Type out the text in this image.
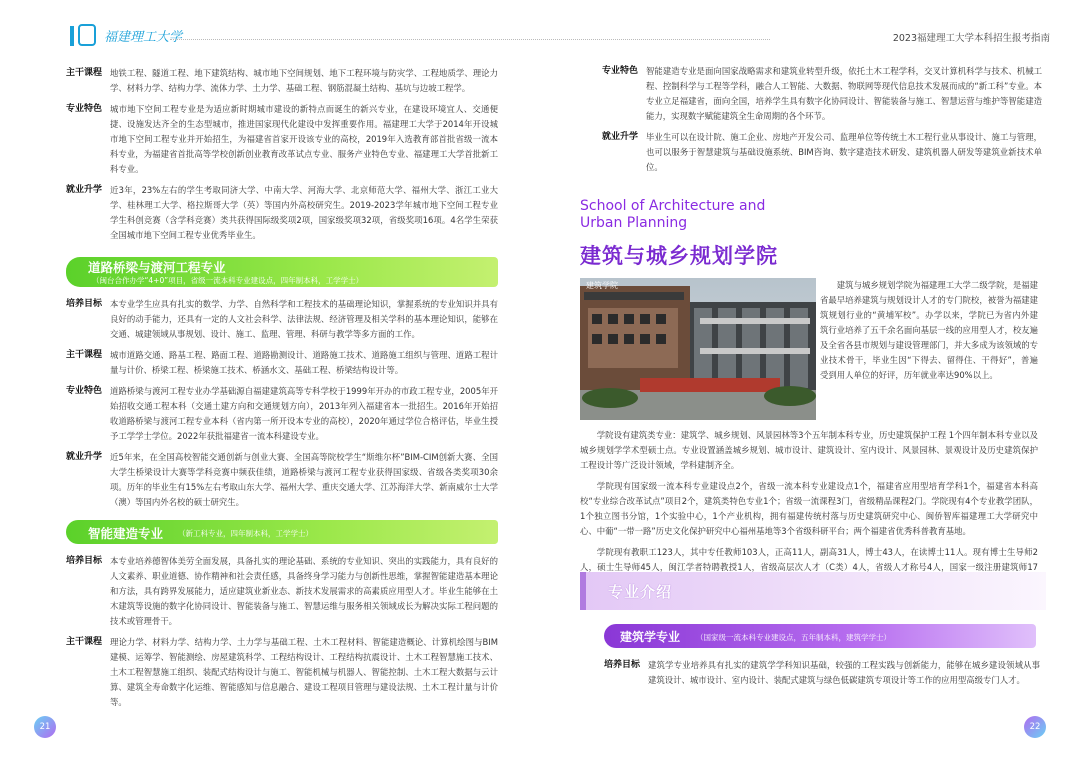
福建理工大学	2023福建理工大学本科招生报考指南
主干课程 地铁工程、隧道工程、地下建筑结构、城市地下空间规划、地下工程环境与防灾学、工程地质学、理论力学、材料力学、结构力学、流体力学、土力学、基础工程、钢筋混凝土结构、基坑与边坡工程学。
专业特色 城市地下空间工程专业是为适应新时期城市建设的新特点而诞生的新兴专业，在建设环境宜人、交通便捷、设施发达齐全的生态型城市，推进国家现代化建设中发挥重要作用。福建理工大学于2014年开设城市地下空间工程专业并开始招生，为福建省首家开设该专业的高校，2019年入选教育部首批省级一流本科专业，为福建省首批高等学校创新创业教育改革试点专业、服务产业特色专业、福建理工大学首批新工科专业。
就业升学 近3年，23%左右的学生考取同济大学、中南大学、河海大学、北京师范大学、福州大学、浙江工业大学、桂林理工大学、格拉斯哥大学（英）等国内外高校研究生。2019-2023学年城市地下空间工程专业学生科创竞赛（含学科竞赛）类共获得国际级奖项2项，国家级奖项32项，省级奖项16项。4名学生荣获全国城市地下空间工程专业优秀毕业生。
道路桥梁与渡河工程专业
（闽台合作办学“4+0”项目，省级一流本科专业建设点，四年制本科，工学学士）
培养目标 本专业学生应具有扎实的数学、力学、自然科学和工程技术的基础理论知识，掌握系统的专业知识并具有良好的动手能力，还具有一定的人文社会科学、法律法规、经济管理及相关学科的基本理论知识，能够在交通、城建领域从事规划、设计、施工、监理、管理、科研与教学等多方面的工作。
主干课程 城市道路交通、路基工程、路面工程、道路勘测设计、道路施工技术、道路施工组织与管理、道路工程计量与计价、桥梁工程、桥梁施工技术、桥涵水文、基础工程、桥梁结构设计等。
专业特色 道路桥梁与渡河工程专业办学基础源自福建建筑高等专科学校于1999年开办的市政工程专业，2005年开始招收交通工程本科（交通土建方向和交通规划方向），2013年列入福建省本一批招生。2016年开始招收道路桥梁与渡河工程专业本科（省内第一所开设本专业的高校），2020年通过学位合格评估，毕业生授予工学学士学位。2022年获批福建省一流本科建设专业。
就业升学 近5年来，在全国高校智能交通创新与创业大赛、全国高等院校学生“斯维尔杯”BIM-CIM创新大赛、全国大学生桥梁设计大赛等学科竞赛中频获佳绩，道路桥梁与渡河工程专业获得国家级、省级各类奖项30余项。历年的毕业生有15%左右考取山东大学、福州大学、重庆交通大学、江苏海洋大学、新南威尔士大学（澳）等国内外名校的硕士研究生。
智能建造专业 （新工科专业，四年制本科，工学学士）
培养目标 本专业培养德智体美劳全面发展，具备扎实的理论基础、系统的专业知识、突出的实践能力，具有良好的人文素养、职业道德、协作精神和社会责任感，具备终身学习能力与创新性思维，掌握智能建造基本理论和方法，具有跨界发展能力，适应建筑业新业态、新技术发展需求的高素质应用型人才。毕业生能够在土木建筑等设施的数字化协同设计、智能装备与施工、智慧运维与服务相关领域成长为解决实际工程问题的技术或管理骨干。
主干课程 理论力学、材料力学、结构力学、土力学与基础工程、土木工程材料、智能建造概论、计算机绘图与BIM建模、运筹学、智能测绘、房屋建筑科学、工程结构设计、工程结构抗震设计、土木工程智慧施工技术、土木工程智慧施工组织、装配式结构设计与施工、智能机械与机器人、智能控制、土木工程大数据与云计算、建筑全寿命数字化运维、智能感知与信息融合、建设工程项目管理与建设法规、土木工程计量与计价等。
专业特色 智能建造专业是面向国家战略需求和建筑业转型升级，依托土木工程学科，交叉计算机科学与技术、机械工程、控制科学与工程等学科，融合人工智能、大数据、物联网等现代信息技术发展而成的“新工科”专业。本专业立足福建省，面向全国，培养学生具有数字化协同设计、智能装备与施工、智慧运营与维护等智能建造能力，实现数字赋能建筑全生命周期的各个环节。
就业升学 毕业生可以在设计院、施工企业、房地产开发公司、监理单位等传统土木工程行业从事设计、施工与管理，也可以服务于智慧建筑与基础设施系统、BIM咨询、数字建造技术研发、建筑机器人研发等建筑业新技术单位。
School of Architecture and
Urban Planning
建筑与城乡规划学院
建筑学院	建筑与城乡规划学院为福建理工大学二级学院，是福建省最早培养建筑与规划设计人才的专门院校，被誉为福建建筑规划行业的“黄埔军校”。办学以来，学院已为省内外建筑行业培养了五千余名面向基层一线的应用型人才，校友遍及全省各县市规划与建设管理部门，并大多成为该领域的专业技术骨干，毕业生因“下得去、留得住、干得好”，普遍受到用人单位的好评，历年就业率达90%以上。
学院设有建筑类专业：建筑学、城乡规划、风景园林等3个五年制本科专业，历史建筑保护工程 1个四年制本科专业以及城乡规划学学术型硕士点。专业设置涵盖城乡规划、城市设计、建筑设计、室内设计、风景园林、景观设计及历史建筑保护工程设计等广泛设计领域，学科建制齐全。
学院现有国家级一流本科专业建设点2个，省级一流本科专业建设点1个，福建省应用型培育学科1个，福建省本科高校“专业综合改革试点”项目2个，建筑类特色专业1个；省级一流课程3门，省级精品课程2门。学院现有4个专业教学团队，1个独立图书分馆，1个实验中心，1个产业机构，拥有福建传统村落与历史建筑研究中心、闽侨智库福建理工大学研究中心、中葡“一带一路”历史文化保护研究中心福州基地等3个省级科研平台；两个福建省优秀科普教育基地。
学院现有教职工123人，其中专任教师103人，正高11人，副高31人，博士43人，在读博士11人。现有博士生导师2人，硕士生导师45人，闽江学者特聘教授1人，省级高层次人才（C类）4人，省级人才称号4人，国家一级注册建筑师17
专业介绍
建筑学专业 （国家级一流本科专业建设点，五年制本科，建筑学学士）
培养目标 建筑学专业培养具有扎实的建筑学学科知识基础，较强的工程实践与创新能力，能够在城乡建设领域从事建筑设计、城市设计、室内设计、装配式建筑与绿色低碳建筑专项设计等工作的应用型高级专门人才。
21	22
